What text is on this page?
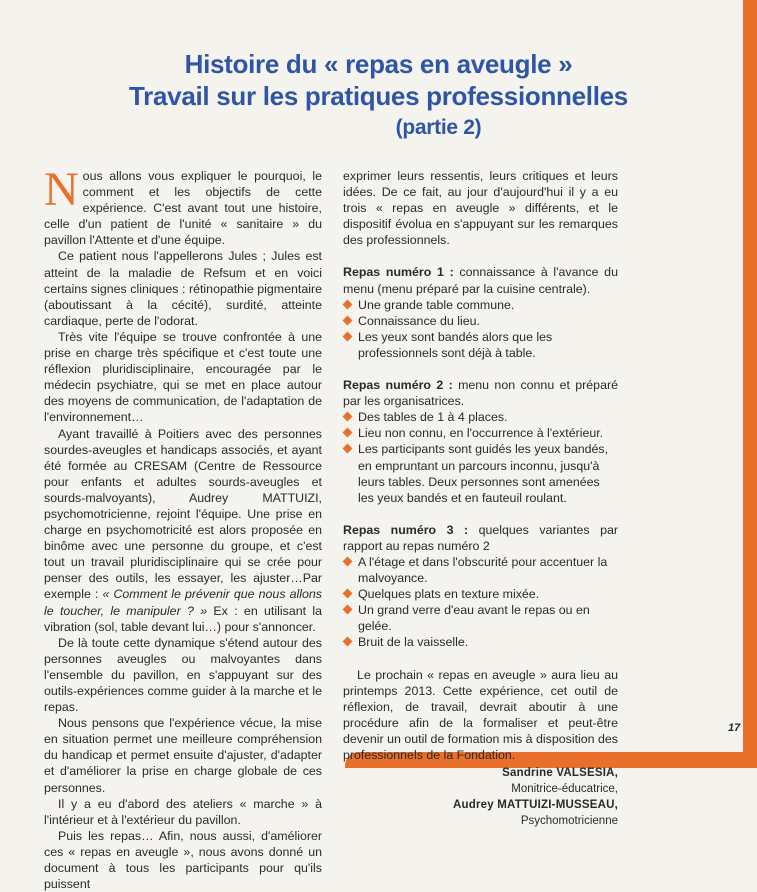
Histoire du « repas en aveugle »
Travail sur les pratiques professionnelles
(partie 2)

Nous allons vous expliquer le pourquoi, le comment et les objectifs de cette expérience. C'est avant tout une histoire, celle d'un patient de l'unité « sanitaire » du pavillon l'Attente et d'une équipe.

Ce patient nous l'appellerons Jules ; Jules est atteint de la maladie de Refsum et en voici certains signes cliniques : rétinopathie pigmentaire (aboutissant à la cécité), surdité, atteinte cardiaque, perte de l'odorat.

Très vite l'équipe se trouve confrontée à une prise en charge très spécifique et c'est toute une réflexion pluridisciplinaire, encouragée par le médecin psychiatre, qui se met en place autour des moyens de communication, de l'adaptation de l'environnement…

Ayant travaillé à Poitiers avec des personnes sourdes-aveugles et handicaps associés, et ayant été formée au CRESAM (Centre de Ressource pour enfants et adultes sourds-aveugles et sourds-malvoyants), Audrey MATTUIZI, psychomotricienne, rejoint l'équipe. Une prise en charge en psychomotricité est alors proposée en binôme avec une personne du groupe, et c'est tout un travail pluridisciplinaire qui se crée pour penser des outils, les essayer, les ajuster…Par exemple : « Comment le prévenir que nous allons le toucher, le manipuler ? » Ex : en utilisant la vibration (sol, table devant lui…) pour s'annoncer.

De là toute cette dynamique s'étend autour des personnes aveugles ou malvoyantes dans l'ensemble du pavillon, en s'appuyant sur des outils-expériences comme guider à la marche et le repas.

Nous pensons que l'expérience vécue, la mise en situation permet une meilleure compréhension du handicap et permet ensuite d'ajuster, d'adapter et d'améliorer la prise en charge globale de ces personnes.

Il y a eu d'abord des ateliers « marche » à l'intérieur et à l'extérieur du pavillon.

Puis les repas… Afin, nous aussi, d'améliorer ces « repas en aveugle », nous avons donné un document à tous les participants pour qu'ils puissent

exprimer leurs ressentis, leurs critiques et leurs idées. De ce fait, au jour d'aujourd'hui il y a eu trois « repas en aveugle » différents, et le dispositif évolua en s'appuyant sur les remarques des professionnels.

Repas numéro 1 : connaissance à l'avance du menu (menu préparé par la cuisine centrale).

Une grande table commune.
Connaissance du lieu.
Les yeux sont bandés alors que les professionnels sont déjà à table.

Repas numéro 2 : menu non connu et préparé par les organisatrices.

Des tables de 1 à 4 places.
Lieu non connu, en l'occurrence à l'extérieur.
Les participants sont guidés les yeux bandés, en empruntant un parcours inconnu, jusqu'à leurs tables. Deux personnes sont amenées les yeux bandés et en fauteuil roulant.

Repas numéro 3 : quelques variantes par rapport au repas numéro 2

A l'étage et dans l'obscurité pour accentuer la malvoyance.
Quelques plats en texture mixée.
Un grand verre d'eau avant le repas ou en gelée.
Bruit de la vaisselle.

Le prochain « repas en aveugle » aura lieu au printemps 2013. Cette expérience, cet outil de réflexion, de travail, devrait aboutir à une procédure afin de la formaliser et peut-être devenir un outil de formation mis à disposition des professionnels de la Fondation.

Sandrine VALSESIA,
Monitrice-éducatrice,
Audrey MATTUIZI-MUSSEAU,
Psychomotricienne
17
